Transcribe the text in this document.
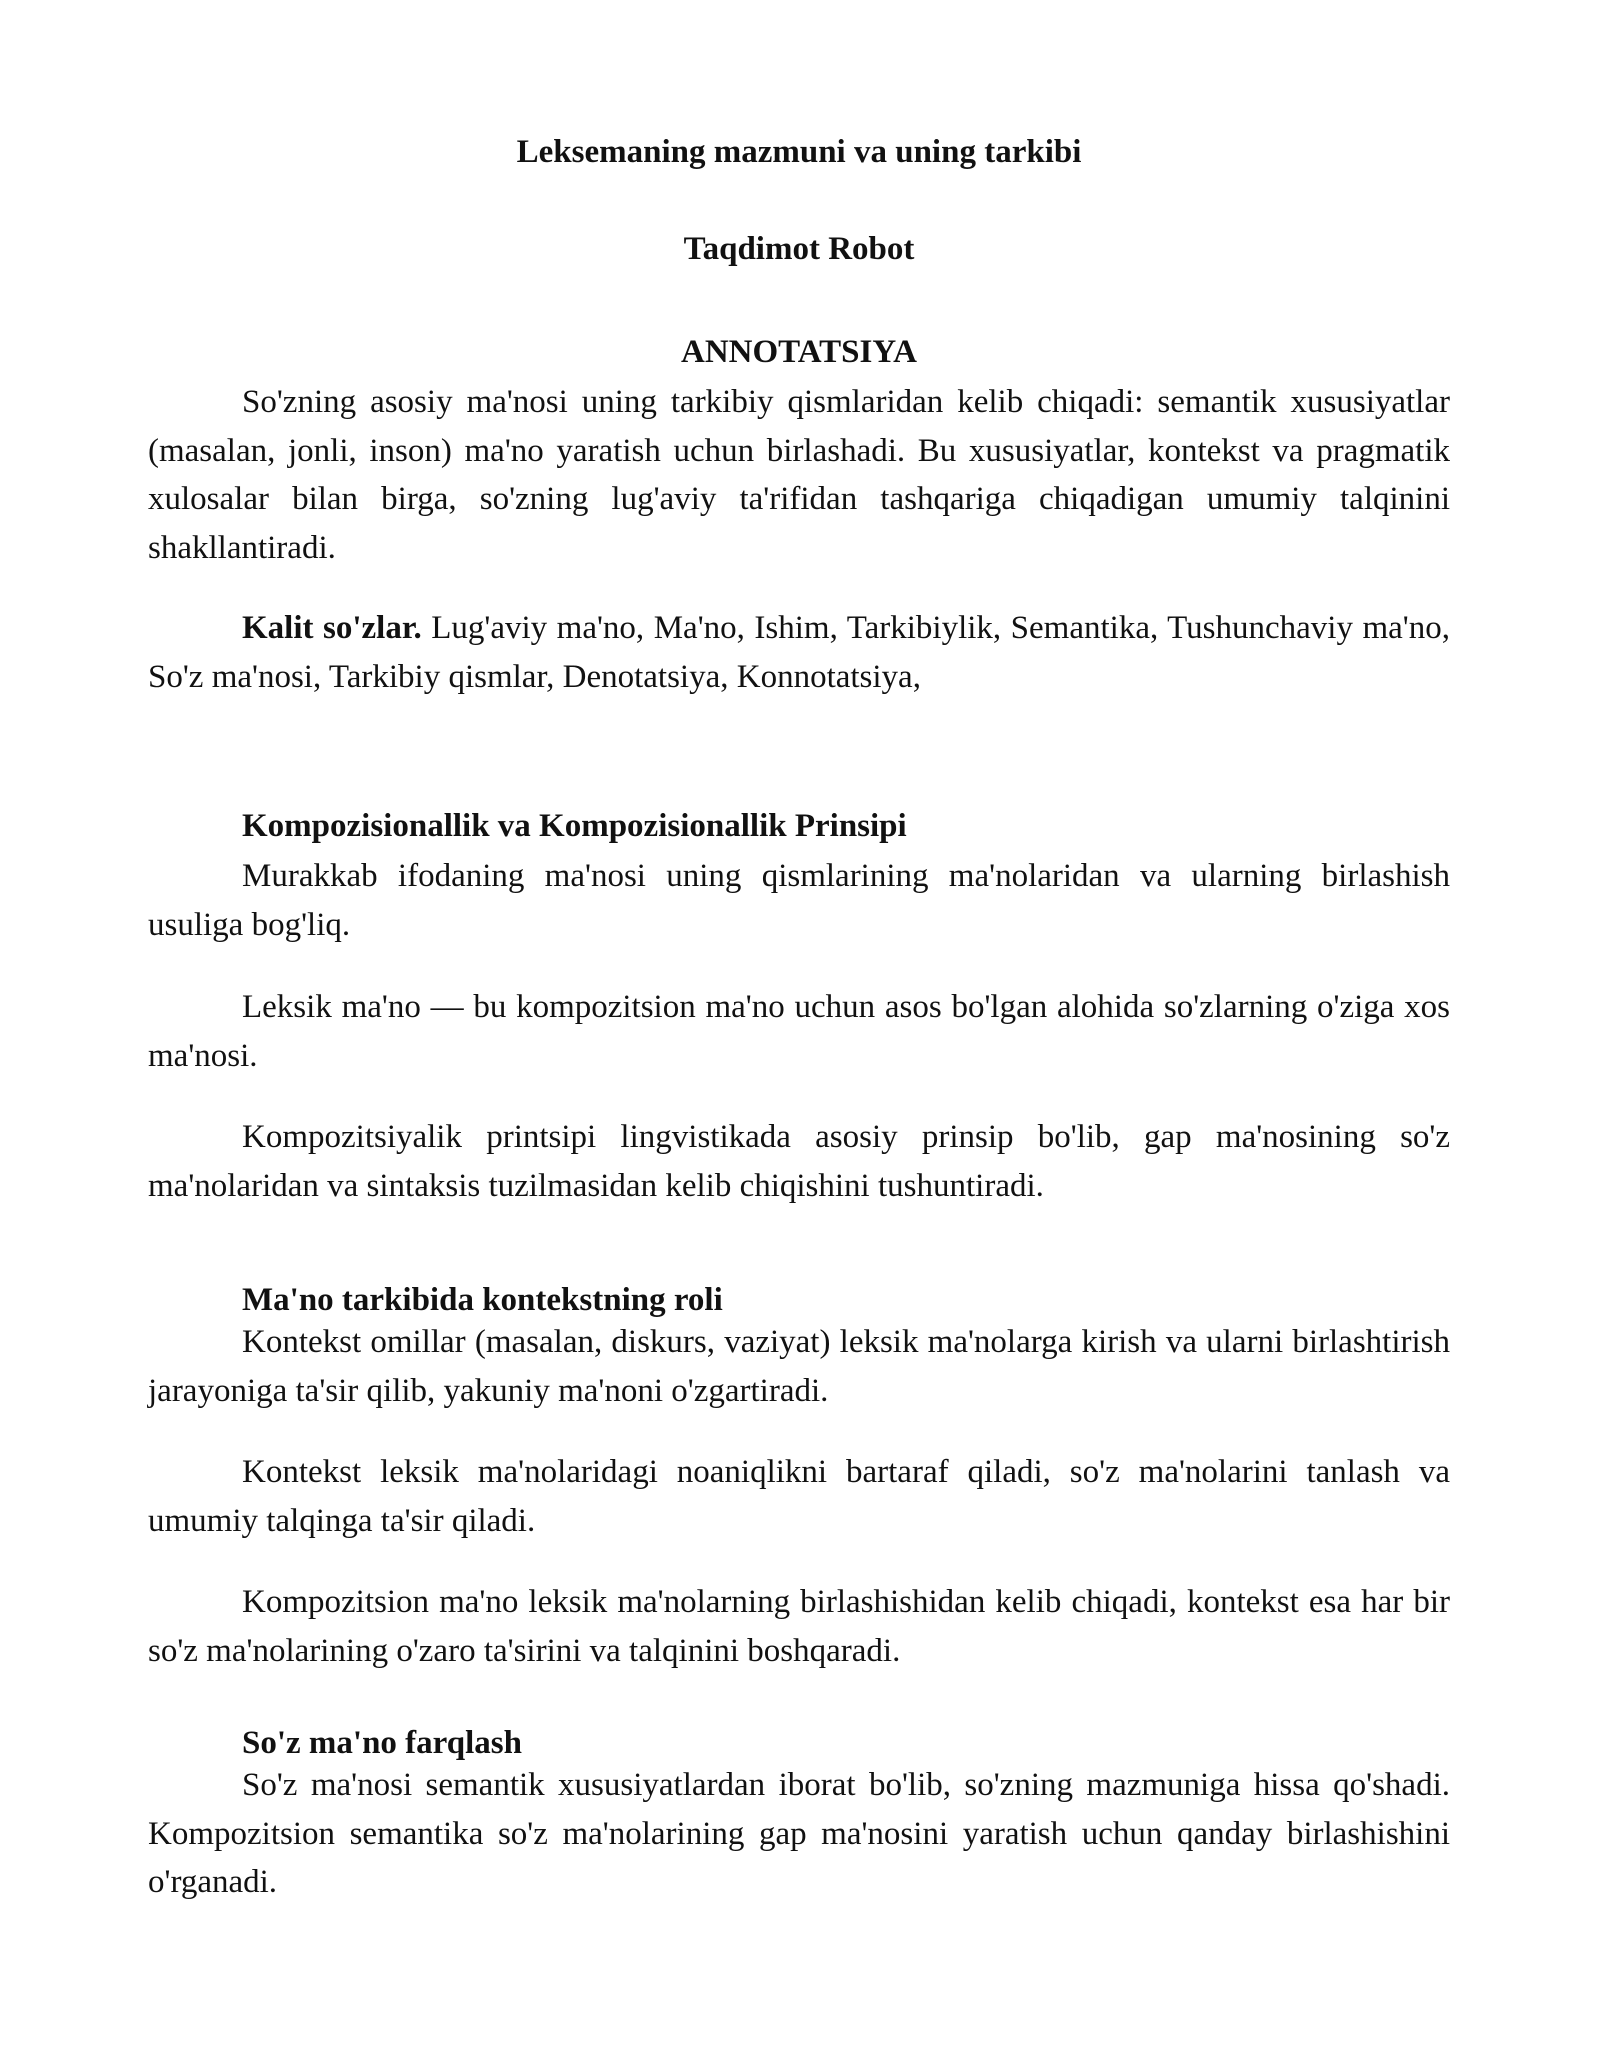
Leksemaning mazmuni va uning tarkibi
Taqdimot Robot
ANNOTATSIYA

So'zning asosiy ma'nosi uning tarkibiy qismlaridan kelib chiqadi: semantik xususiyatlar (masalan, jonli, inson) ma'no yaratish uchun birlashadi. Bu xususiyatlar, kontekst va pragmatik xulosalar bilan birga, so'zning lug'aviy ta'rifidan tashqariga chiqadigan umumiy talqinini shakllantiradi.

Kalit so'zlar. Lug'aviy ma'no, Ma'no, Ishim, Tarkibiylik, Semantika, Tushunchaviy ma'no, So'z ma'nosi, Tarkibiy qismlar, Denotatsiya, Konnotatsiya,

Kompozisionallik va Kompozisionallik Prinsipi

Murakkab ifodaning ma'nosi uning qismlarining ma'nolaridan va ularning birlashish usuliga bog'liq.

Leksik ma'no — bu kompozitsion ma'no uchun asos bo'lgan alohida so'zlarning o'ziga xos ma'nosi.

Kompozitsiyalik printsipi lingvistikada asosiy prinsip bo'lib, gap ma'nosining so'z ma'nolaridan va sintaksis tuzilmasidan kelib chiqishini tushuntiradi.

Ma'no tarkibida kontekstning roli

Kontekst omillar (masalan, diskurs, vaziyat) leksik ma'nolarga kirish va ularni birlashtirish jarayoniga ta'sir qilib, yakuniy ma'noni o'zgartiradi.

Kontekst leksik ma'nolaridagi noaniqlikni bartaraf qiladi, so'z ma'nolarini tanlash va umumiy talqinga ta'sir qiladi.

Kompozitsion ma'no leksik ma'nolarning birlashishidan kelib chiqadi, kontekst esa har bir so'z ma'nolarining o'zaro ta'sirini va talqinini boshqaradi.

So'z ma'no farqlash

So'z ma'nosi semantik xususiyatlardan iborat bo'lib, so'zning mazmuniga hissa qo'shadi. Kompozitsion semantika so'z ma'nolarining gap ma'nosini yaratish uchun qanday birlashishini o'rganadi.
